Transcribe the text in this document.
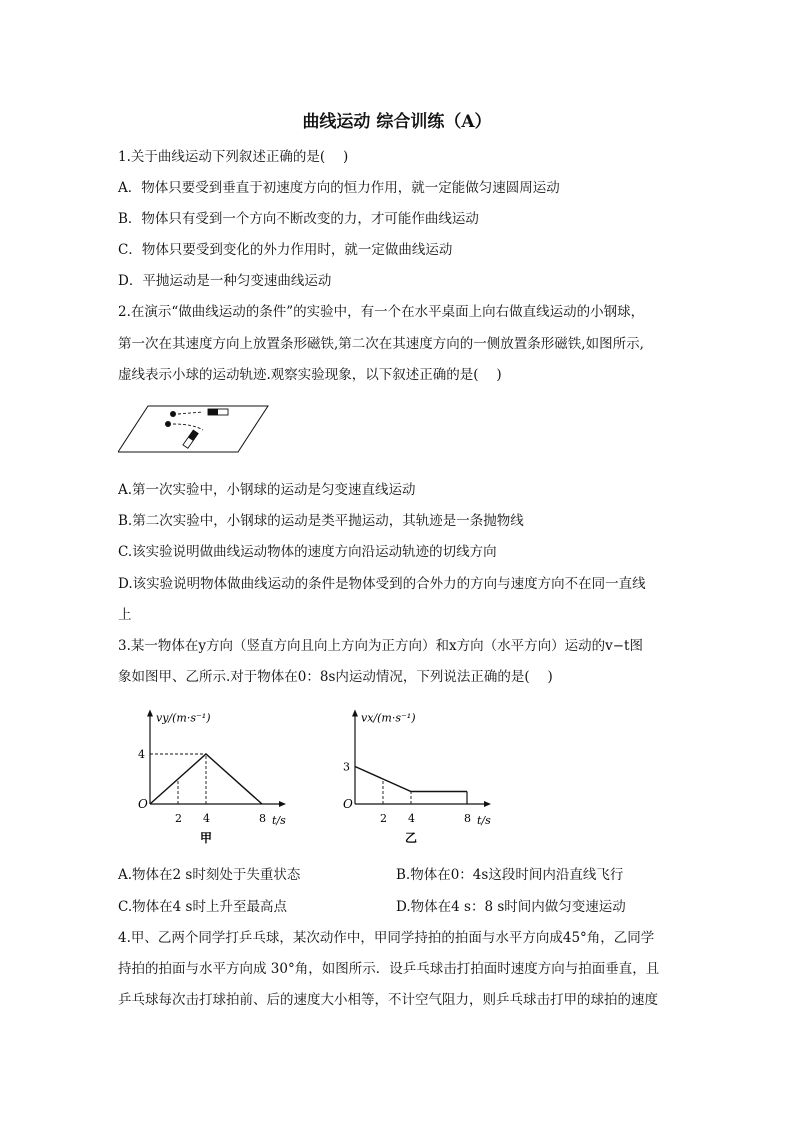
曲线运动 综合训练（A）
1.关于曲线运动下列叙述正确的是(　 )
A．物体只要受到垂直于初速度方向的恒力作用，就一定能做匀速圆周运动
B．物体只有受到一个方向不断改变的力，才可能作曲线运动
C．物体只要受到变化的外力作用时，就一定做曲线运动
D．平抛运动是一种匀变速曲线运动
2.在演示“做曲线运动的条件”的实验中，有一个在水平桌面上向右做直线运动的小钢球，
第一次在其速度方向上放置条形磁铁,第二次在其速度方向的一侧放置条形磁铁,如图所示,
虚线表示小球的运动轨迹.观察实验现象，以下叙述正确的是(　 )
A.第一次实验中，小钢球的运动是匀变速直线运动
B.第二次实验中，小钢球的运动是类平抛运动，其轨迹是一条抛物线
C.该实验说明做曲线运动物体的速度方向沿运动轨迹的切线方向
D.该实验说明物体做曲线运动的条件是物体受到的合外力的方向与速度方向不在同一直线
上
3.某一物体在y方向（竖直方向且向上方向为正方向）和x方向（水平方向）运动的v−t图
象如图甲、乙所示.对于物体在0：8s内运动情况，下列说法正确的是(　 )
vy/(m·s⁻¹)
t/s
O
甲
2 4	8
4
vx/(m·s⁻¹)
t/s
O
乙
2 4	8
3
A.物体在2 s时刻处于失重状态	B.物体在0：4s这段时间内沿直线飞行
C.物体在4 s时上升至最高点	D.物体在4 s：8 s时间内做匀变速运动
4.甲、乙两个同学打乒乓球，某次动作中，甲同学持拍的拍面与水平方向成45°角，乙同学
持拍的拍面与水平方向成 30°角，如图所示．设乒乓球击打拍面时速度方向与拍面垂直，且
乒乓球每次击打球拍前、后的速度大小相等，不计空气阻力，则乒乓球击打甲的球拍的速度
